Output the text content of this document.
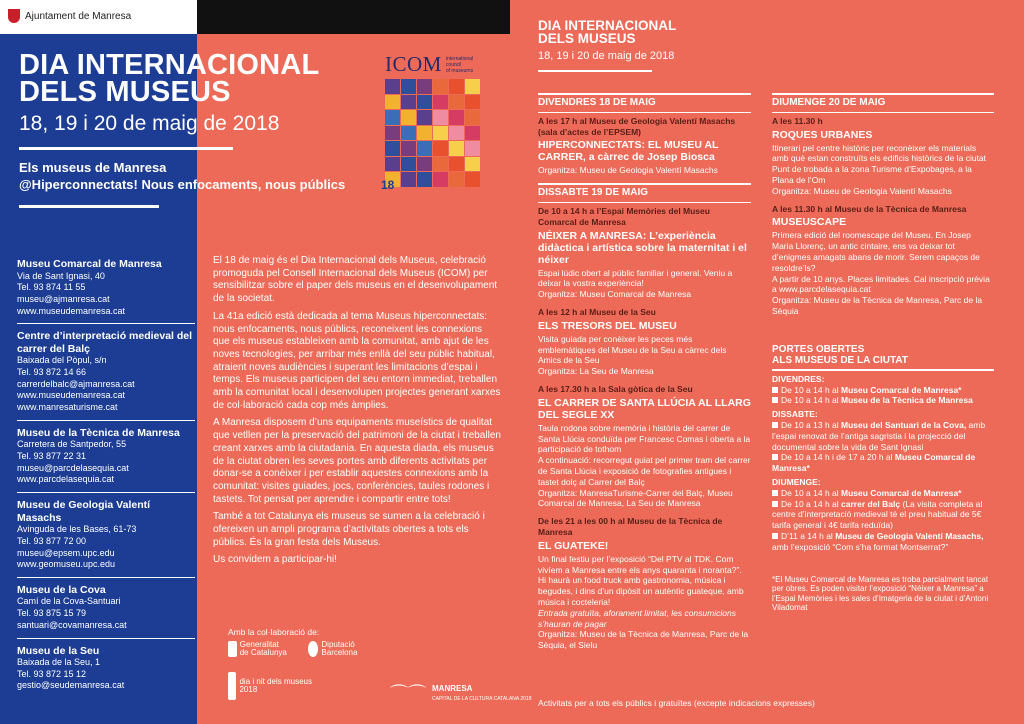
Ajuntament de Manresa
DIA INTERNACIONAL
DELS MUSEUS
18, 19 i 20 de maig de 2018
Els museus de Manresa
@Hiperconnectats! Nous enfocaments, nous públics
ICOM international
council
of museums
18
Museu Comarcal de Manresa
Via de Sant Ignasi, 40
Tel. 93 874 11 55
museu@ajmanresa.cat
www.museudemanresa.cat
Centre d’interpretació medieval del carrer del Balç
Baixada del Pòpul, s/n
Tel. 93 872 14 66
carrerdelbalc@ajmanresa.cat
www.museudemanresa.cat
www.manresaturisme.cat
Museu de la Tècnica de Manresa
Carretera de Santpedor, 55
Tel. 93 877 22 31
museu@parcdelasequia.cat
www.parcdelasequia.cat
Museu de Geologia Valentí Masachs
Avinguda de les Bases, 61-73
Tel. 93 877 72 00
museu@epsem.upc.edu
www.geomuseu.upc.edu
Museu de la Cova
Camí de la Cova-Santuari
Tel. 93 875 15 79
santuari@covamanresa.cat
Museu de la Seu
Baixada de la Seu, 1
Tel. 93 872 15 12
gestio@seudemanresa.cat

El 18 de maig és el Dia Internacional dels Museus, celebració promoguda pel Consell Internacional dels Museus (ICOM) per sensibilitzar sobre el paper dels museus en el desenvolupament de la societat.

La 41a edició està dedicada al tema Museus hiperconnectats: nous enfocaments, nous públics, reconeixent les connexions que els museus estableixen amb la comunitat, amb ajut de les noves tecnologies, per arribar més enllà del seu públic habitual, atraient noves audiències i superant les limitacions d’espai i temps. Els museus participen del seu entorn immediat, treballen amb la comunitat local i desenvolupen projectes generant xarxes de col·laboració cada cop més àmplies.

A Manresa disposem d’uns equipaments museístics de qualitat que vetllen per la preservació del patrimoni de la ciutat i treballen creant xarxes amb la ciutadania. En aquesta diada, els museus de la ciutat obren les seves portes amb diferents activitats per donar-se a conèixer i per establir aquestes connexions amb la comunitat: visites guiades, jocs, conferències, taules rodones i tastets. Tot pensat per aprendre i compartir entre tots!

També a tot Catalunya els museus se sumen a la celebració i ofereixen un ampli programa d’activitats obertes a tots els públics. És la gran festa dels Museus.

Us convidem a participar-hi!

Amb la col·laboració de:
Generalitat de Catalunya
Diputació Barcelona
dia i nit dels museus 2018	⌒⌒ MANRESA
CAPITAL DE LA CULTURA CATALANA 2018
DIA INTERNACIONAL
DELS MUSEUS
18, 19 i 20 de maig de 2018
DIVENDRES 18 DE MAIG
A les 17 h al Museu de Geologia Valentí Masachs (sala d’actes de l’EPSEM)
HIPERCONNECTATS: EL MUSEU AL CARRER, a càrrec de Josep Biosca
Organitza: Museu de Geologia Valentí Masachs
DISSABTE 19 DE MAIG
De 10 a 14 h a l’Espai Memòries del Museu Comarcal de Manresa
NÉIXER A MANRESA: L’experiència didàctica i artística sobre la maternitat i el néixer
Espai lúdic obert al públic familiar i general. Veniu a deixar la vostra experiència!
Organitza: Museu Comarcal de Manresa
A les 12 h al Museu de la Seu
ELS TRESORS DEL MUSEU
Visita guiada per conèixer les peces més emblemàtiques del Museu de la Seu a càrrec dels Amics de la Seu
Organitza: La Seu de Manresa
A les 17.30 h a la Sala gòtica de la Seu
EL CARRER DE SANTA LLÚCIA AL LLARG DEL SEGLE XX
Taula rodona sobre memòria i història del carrer de Santa Llúcia conduïda per Francesc Comas i oberta a la participació de tothom
A continuació: recorregut guiat pel primer tram del carrer de Santa Llúcia i exposició de fotografies antigues i tastet dolç al Carrer del Balç
Organitza: ManresaTurisme-Carrer del Balç, Museu Comarcal de Manresa, La Seu de Manresa
De les 21 a les 00 h al Museu de la Tècnica de Manresa
EL GUATEKE!
Un final festiu per l’exposició “Del PTV al TDK. Com vivíem a Manresa entre els anys quaranta i noranta?”. Hi haurà un food truck amb gastronomia, música i begudes, i dins d’un dipòsit un autèntic guateque, amb música i cocteleria!
Entrada gratuïta, aforament limitat, les consumicions s’hauran de pagar
Organitza: Museu de la Tècnica de Manresa, Parc de la Sèquia, el Sielu
DIUMENGE 20 DE MAIG
A les 11.30 h
ROQUES URBANES
Itinerari pel centre històric per reconèixer els materials amb què estan construïts els edificis històrics de la ciutat
Punt de trobada a la zona Turisme d’Expobages, a la Plana de l’Om
Organitza: Museu de Geologia Valentí Masachs
A les 11.30 h al Museu de la Tècnica de Manresa
MUSEUSCAPE
Primera edició del roomescape del Museu. En Josep Maria Llorenç, un antic cintaire, ens va deixar tot d’enigmes amagats abans de morir. Serem capaços de resoldre’ls?
A partir de 10 anys. Places limitades. Cal inscripció prèvia a www.parcdelasequia.cat
Organitza: Museu de la Tècnica de Manresa, Parc de la Sèquia
PORTES OBERTES
ALS MUSEUS DE LA CIUTAT
DIVENDRES:
De 10 a 14 h al Museu Comarcal de Manresa*
De 10 a 14 h al Museu de la Tècnica de Manresa
DISSABTE:
De 10 a 13 h al Museu del Santuari de la Cova, amb l’espai renovat de l’antiga sagristia i la projecció del documental sobre la vida de Sant Ignasi
De 10 a 14 h i de 17 a 20 h al Museu Comarcal de Manresa*
DIUMENGE:
De 10 a 14 h al Museu Comarcal de Manresa*
De 10 a 14 h al carrer del Balç (La visita completa al centre d’interpretació medieval té el preu habitual de 5€ tarifa general i 4€ tarifa reduïda)
D’11 a 14 h al Museu de Geologia Valentí Masachs, amb l’exposició “Com s’ha format Montserrat?”
*El Museu Comarcal de Manresa es troba parcialment tancat per obres. Es poden visitar l’exposició “Néixer a Manresa” a l’Espai Memòries i les sales d’Imatgeria de la ciutat i d’Antoni Viladomat
Activitats per a tots els públics i gratuïtes (excepte indicacions expresses)
